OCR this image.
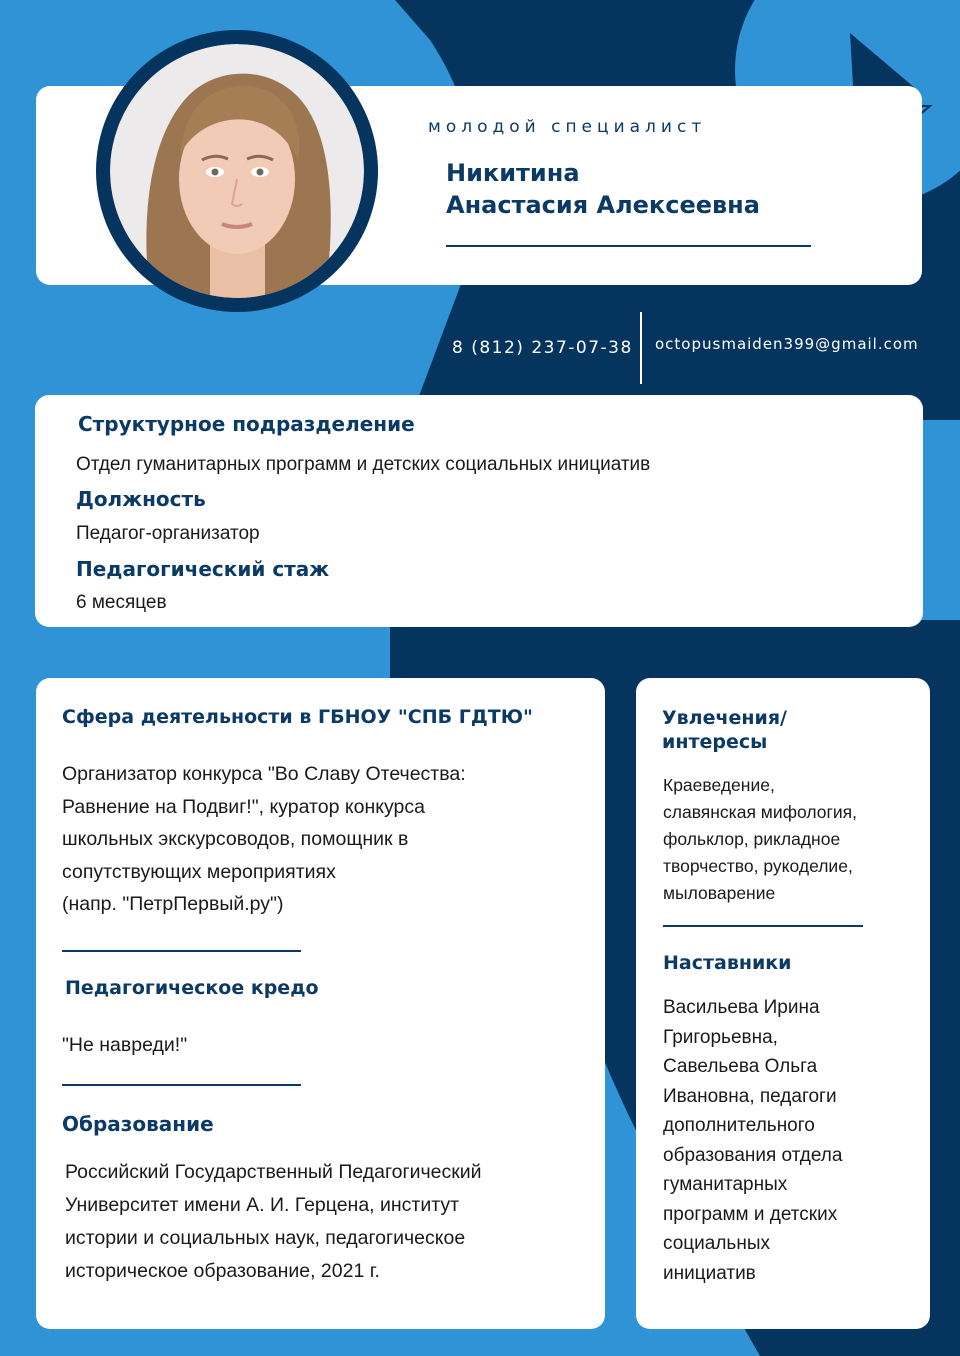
молодой специалист
Никитина
Анастасия Алексеевна
8 (812) 237-07-38 octopusmaiden399@gmail.com
Структурное подразделение
Отдел гуманитарных программ и детских социальных инициатив
Должность
Педагог-организатор
Педагогический стаж
6 месяцев
Сфера деятельности в ГБНОУ "СПБ ГДТЮ"
Организатор конкурса "Во Славу Отечества:
Равнение на Подвиг!", куратор конкурса
школьных экскурсоводов, помощник в
сопутствующих мероприятиях
(напр. "ПетрПервый.ру")
Педагогическое кредо
"Не навреди!"
Образование
Российский Государственный Педагогический
Университет имени А. И. Герцена, институт
истории и социальных наук, педагогическое
историческое образование, 2021 г.
Увлечения/
интересы
Краеведение,
славянская мифология,
фольклор, рикладное
творчество, рукоделие,
мыловарение
Наставники
Васильева Ирина
Григорьевна,
Савельева Ольга
Ивановна, педагоги
дополнительного
образования отдела
гуманитарных
программ и детских
социальных
инициатив
